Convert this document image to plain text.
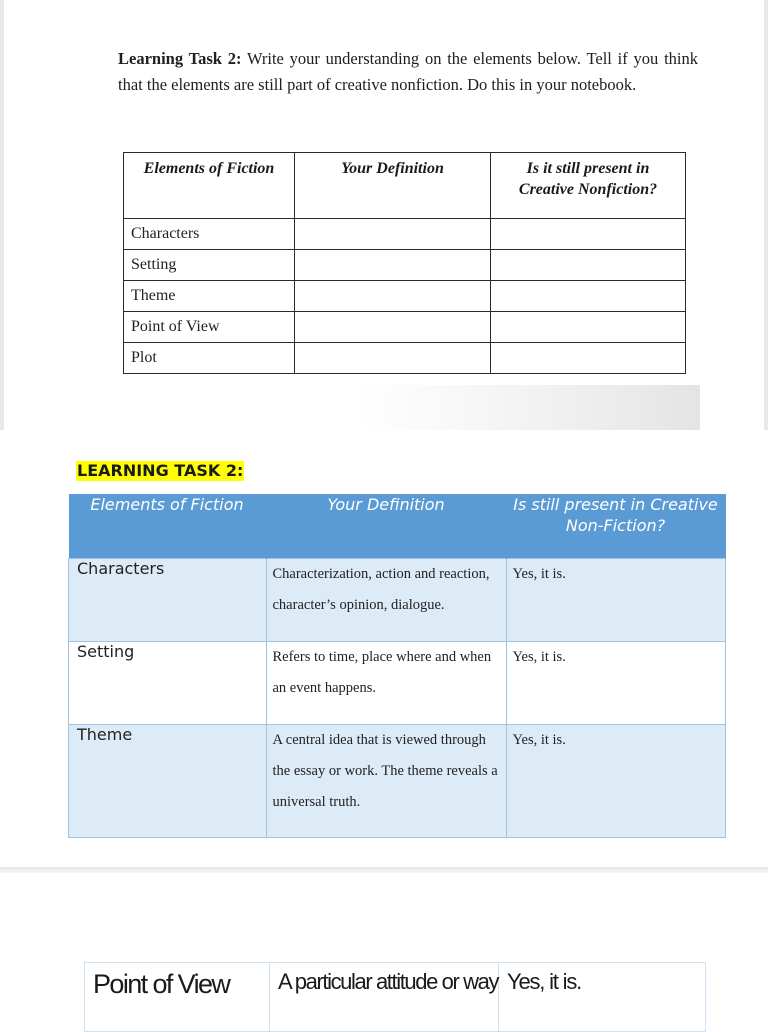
Learning Task 2: Write your understanding on the elements below. Tell if you think that the elements are still part of creative nonfiction. Do this in your notebook.

Elements of Fiction	Your Definition	Is it still present in Creative Nonfiction?
Characters		
Setting		
Theme		
Point of View		
Plot		
LEARNING TASK 2:
Elements of Fiction	Your Definition	Is still present in Creative Non-Fiction?
Characters	Characterization, action and reaction, character’s opinion, dialogue.	Yes, it is.
Setting	Refers to time, place where and when an event happens.	Yes, it is.
Theme	A central idea that is viewed through the essay or work. The theme reveals a universal truth.	Yes, it is.
Point of View	A particular attitude or way	Yes, it is.
